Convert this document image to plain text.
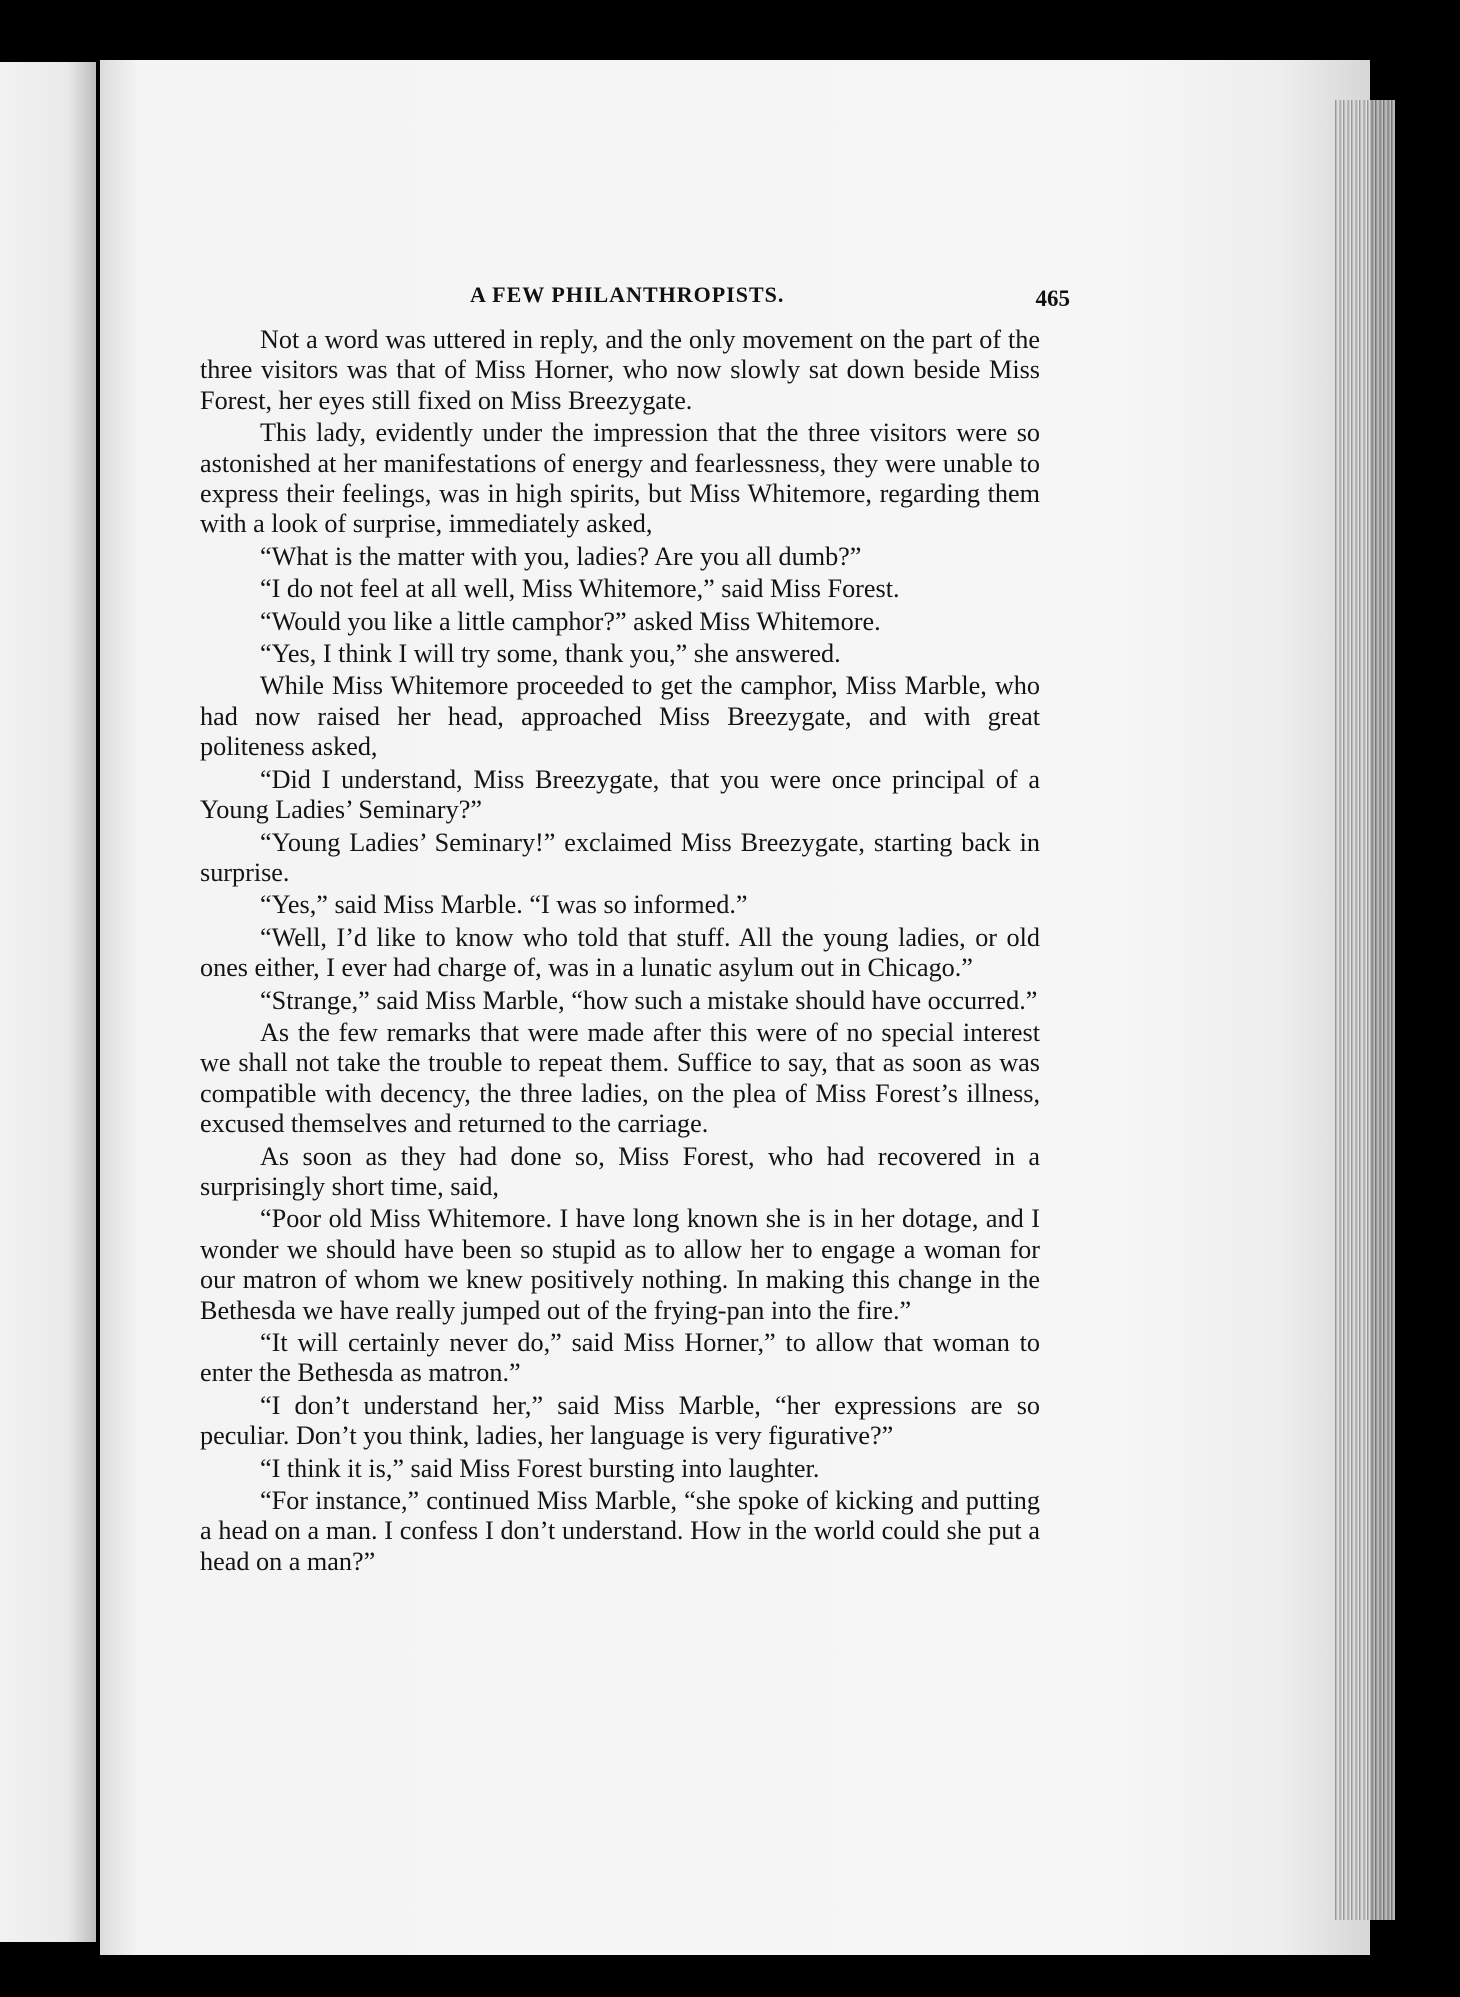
A FEW PHILANTHROPISTS.	465

Not a word was uttered in reply, and the only movement on the part of the three visitors was that of Miss Horner, who now slowly sat down beside Miss Forest, her eyes still fixed on Miss Breezygate.

This lady, evidently under the impression that the three visitors were so astonished at her manifestations of energy and fearlessness, they were unable to express their feelings, was in high spirits, but Miss Whitemore, regarding them with a look of surprise, immediately asked,

“What is the matter with you, ladies? Are you all dumb?”

“I do not feel at all well, Miss Whitemore,” said Miss Forest.

“Would you like a little camphor?” asked Miss Whitemore.

“Yes, I think I will try some, thank you,” she answered.

While Miss Whitemore proceeded to get the camphor, Miss Marble, who had now raised her head, approached Miss Breezygate, and with great politeness asked,

“Did I understand, Miss Breezygate, that you were once principal of a Young Ladies’ Seminary?”

“Young Ladies’ Seminary!” exclaimed Miss Breezygate, starting back in surprise.

“Yes,” said Miss Marble. “I was so informed.”

“Well, I’d like to know who told that stuff. All the young ladies, or old ones either, I ever had charge of, was in a lunatic asylum out in Chicago.”

“Strange,” said Miss Marble, “how such a mistake should have occurred.”

As the few remarks that were made after this were of no special interest we shall not take the trouble to repeat them. Suffice to say, that as soon as was compatible with decency, the three ladies, on the plea of Miss Forest’s illness, excused themselves and returned to the carriage.

As soon as they had done so, Miss Forest, who had recovered in a surprisingly short time, said,

“Poor old Miss Whitemore. I have long known she is in her dotage, and I wonder we should have been so stupid as to allow her to engage a woman for our matron of whom we knew positively nothing. In making this change in the Bethesda we have really jumped out of the frying-pan into the fire.”

“It will certainly never do,” said Miss Horner,” to allow that woman to enter the Bethesda as matron.”

“I don’t understand her,” said Miss Marble, “her expressions are so peculiar. Don’t you think, ladies, her language is very figurative?”

“I think it is,” said Miss Forest bursting into laughter.

“For instance,” continued Miss Marble, “she spoke of kicking and putting a head on a man. I confess I don’t understand. How in the world could she put a head on a man?”
